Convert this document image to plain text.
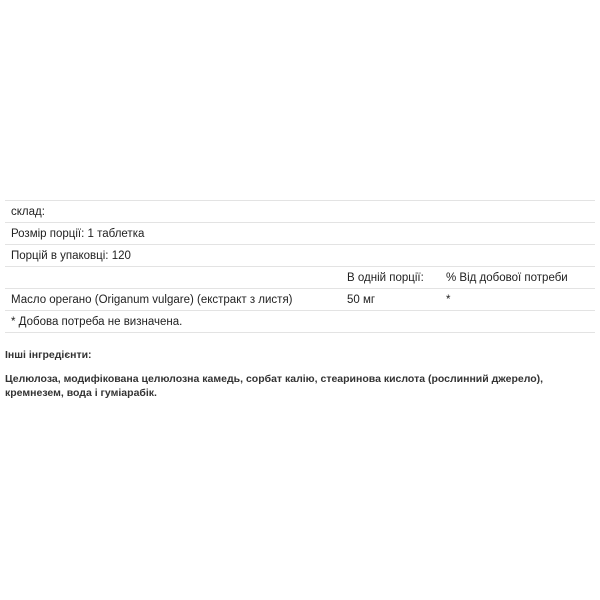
склад:
Розмір порції: 1 таблетка
Порцій в упаковці: 120
В одній порції: % Від добової потреби
Масло орегано (Origanum vulgare) (екстракт з листя)	50 мг	*
* Добова потреба не визначена.
Інші інгредієнти:
Целюлоза, модифікована целюлозна камедь, сорбат калію, стеаринова кислота (рослинний джерело), кремнезем, вода і гуміарабік.
